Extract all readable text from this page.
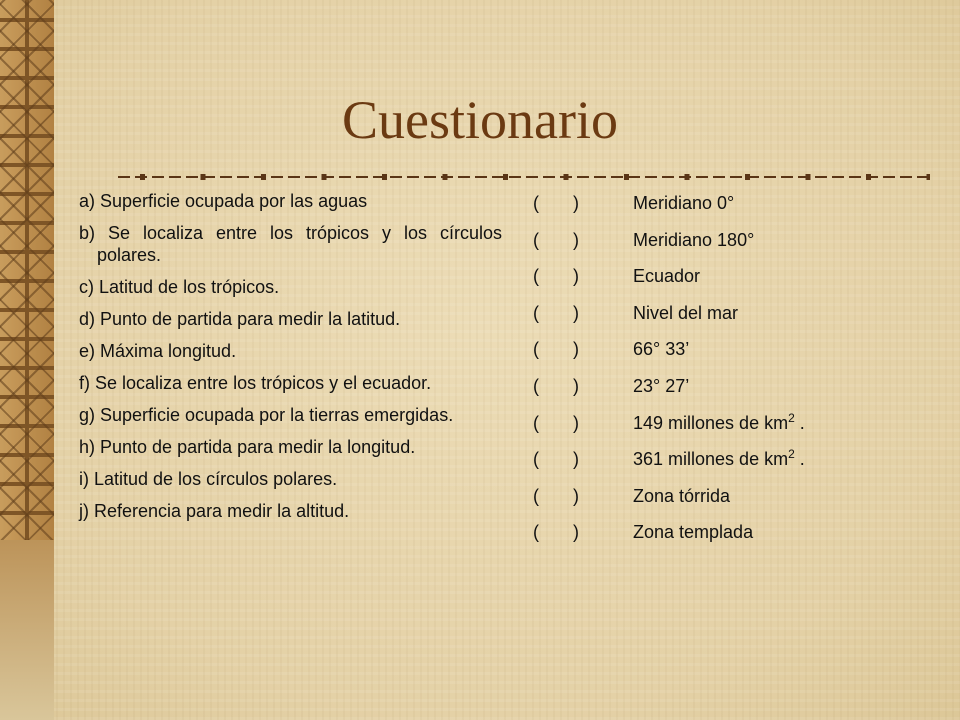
Cuestionario

a) Superficie ocupada por las aguas

b) Se localiza entre los trópicos y los círculos polares.

c) Latitud de los trópicos.

d) Punto de partida para medir la latitud.

e) Máxima longitud.

f) Se localiza entre los trópicos y el ecuador.

g) Superficie ocupada por la tierras emergidas.

h) Punto de partida para medir la longitud.

i) Latitud de los círculos polares.

j) Referencia para medir la altitud.

( )	Meridiano 0°
( )	Meridiano 180°
( )	Ecuador
( )	Nivel del mar
( )	66° 33’
( )	23° 27’
( )	149 millones de $km^2$ .
( )	361 millones de $km^2$ .
( )	Zona tórrida
( )	Zona templada
